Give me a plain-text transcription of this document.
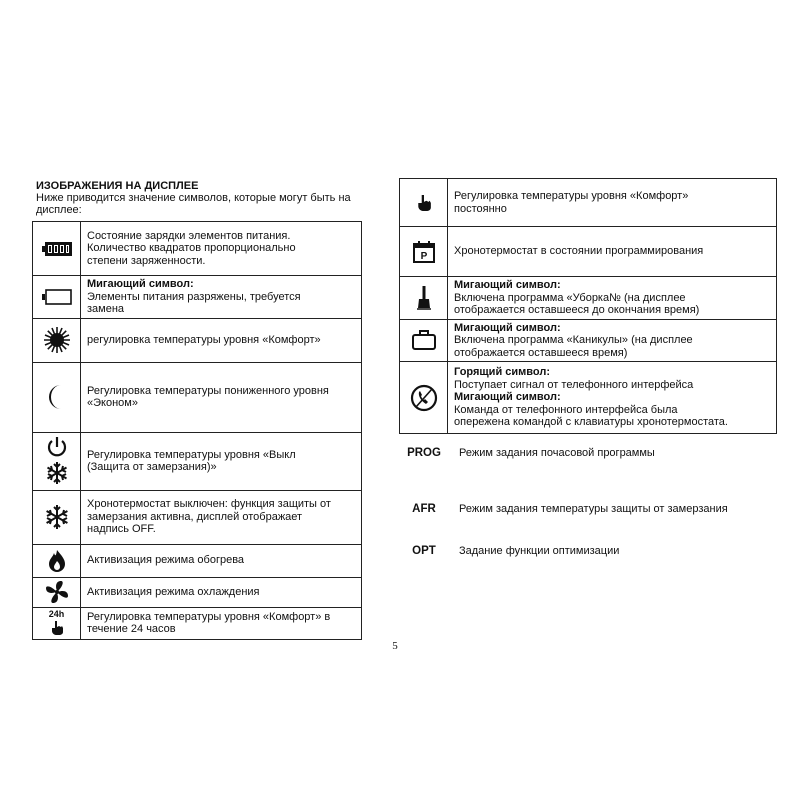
ИЗОБРАЖЕНИЯ НА ДИСПЛЕЕ
Ниже приводится значение символов, которые могут быть на дисплее:

Состояние зарядки элементов питания.
Количество квадратов пропорционально
степени заряженности.

Мигающий символ:
Элементы питания разряжены, требуется
замена

регулировка температуры уровня «Комфорт»

Регулировка температуры пониженного уровня
«Эконом»

Регулировка температуры уровня «Выкл
(Защита от замерзания)»

Хронотермостат выключен: функция защиты от
замерзания активна, дисплей отображает
надпись OFF.

Активизация режима обогрева

Активизация режима охлаждения

24h	Регулировка температуры уровня «Комфорт» в
течение 24 часов

Регулировка температуры уровня «Комфорт»
постоянно

P	Хронотермостат в состоянии программирования

Мигающий символ:
Включена программа «Уборка№ (на дисплее
отображается оставшееся до окончания время)

Мигающий символ:
Включена программа «Каникулы» (на дисплее
отображается оставшееся время)

Горящий символ:
Поступает сигнал от телефонного интерфейса
Мигающий символ:
Команда от телефонного интерфейса была
опережена командой с клавиатуры хронотермостата.
PROG	Режим задания почасовой программы
AFR	Режим задания температуры защиты от замерзания
OPT	Задание функции оптимизации
5
